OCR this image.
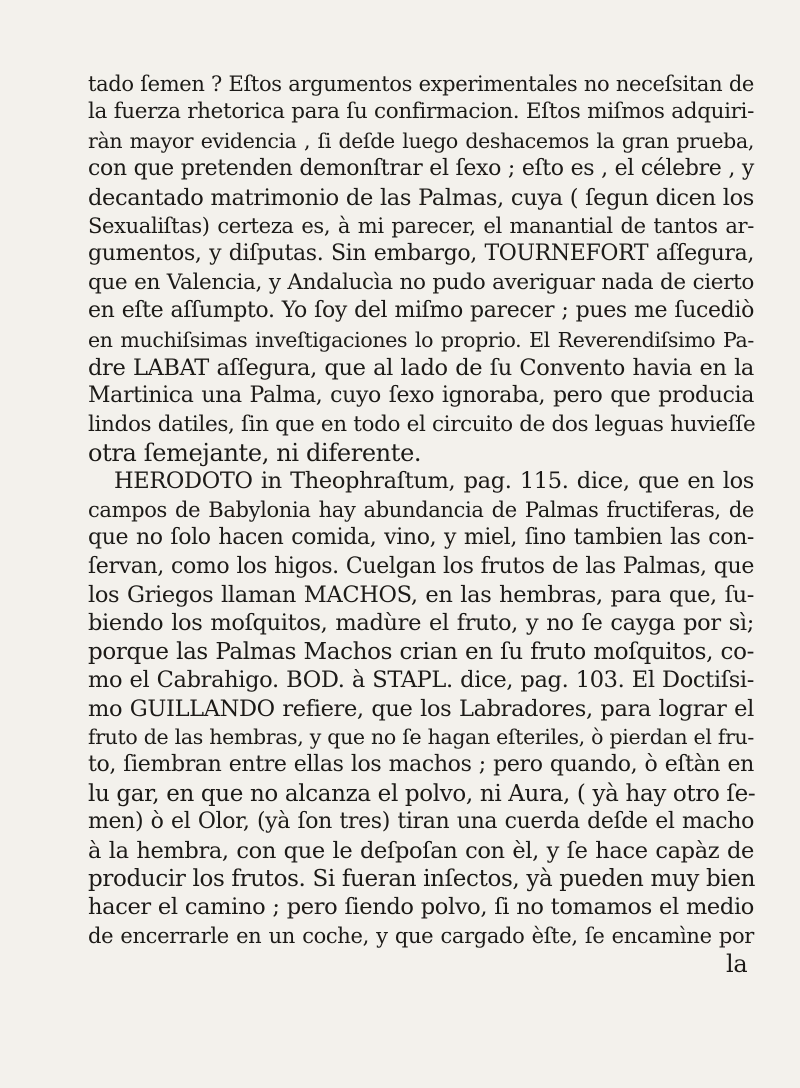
tado ſemen ? Eſtos argumentos experimentales no neceſsitan de
la fuerza rhetorica para ſu confirmacion. Eſtos miſmos adquiri-
ràn mayor evidencia , ſi deſde luego deshacemos la gran prueba,
con que pretenden demonſtrar el ſexo ; eſto es , el célebre , y
decantado matrimonio de las Palmas, cuya ( ſegun dicen los
Sexualiſtas) certeza es, à mi parecer, el manantial de tantos ar-
gumentos, y diſputas. Sin embargo, TOURNEFORT aſſegura,
que en Valencia, y Andalucìa no pudo averiguar nada de cierto
en eſte aſſumpto. Yo ſoy del miſmo parecer ; pues me ſucediò
en muchiſsimas inveſtigaciones lo proprio. El Reverendiſsimo Pa-
dre LABAT aſſegura, que al lado de ſu Convento havia en la
Martinica una Palma, cuyo ſexo ignoraba, pero que producia
lindos datiles, ſin que en todo el circuito de dos leguas huvieſſe
otra ſemejante, ni diferente.
HERODOTO in Theophraſtum, pag. 115. dice, que en los
campos de Babylonia hay abundancia de Palmas fructiferas, de
que no ſolo hacen comida, vino, y miel, ſino tambien las con-
ſervan, como los higos. Cuelgan los frutos de las Palmas, que
los Griegos llaman MACHOS, en las hembras, para que, ſu-
biendo los moſquitos, madùre el fruto, y no ſe cayga por sì;
porque las Palmas Machos crian en ſu fruto moſquitos, co-
mo el Cabrahigo. BOD. à STAPL. dice, pag. 103. El Doctiſsi-
mo GUILLANDO refiere, que los Labradores, para lograr el
fruto de las hembras, y que no ſe hagan eſteriles, ò pierdan el fru-
to, ſiembran entre ellas los machos ; pero quando, ò eſtàn en
lu gar, en que no alcanza el polvo, ni Aura, ( yà hay otro ſe-
men) ò el Olor, (yà ſon tres) tiran una cuerda deſde el macho
à la hembra, con que le deſpoſan con èl, y ſe hace capàz de
producir los frutos. Si fueran inſectos, yà pueden muy bien
hacer el camino ; pero ſiendo polvo, ſi no tomamos el medio
de encerrarle en un coche, y que cargado èſte, ſe encamìne por
la
